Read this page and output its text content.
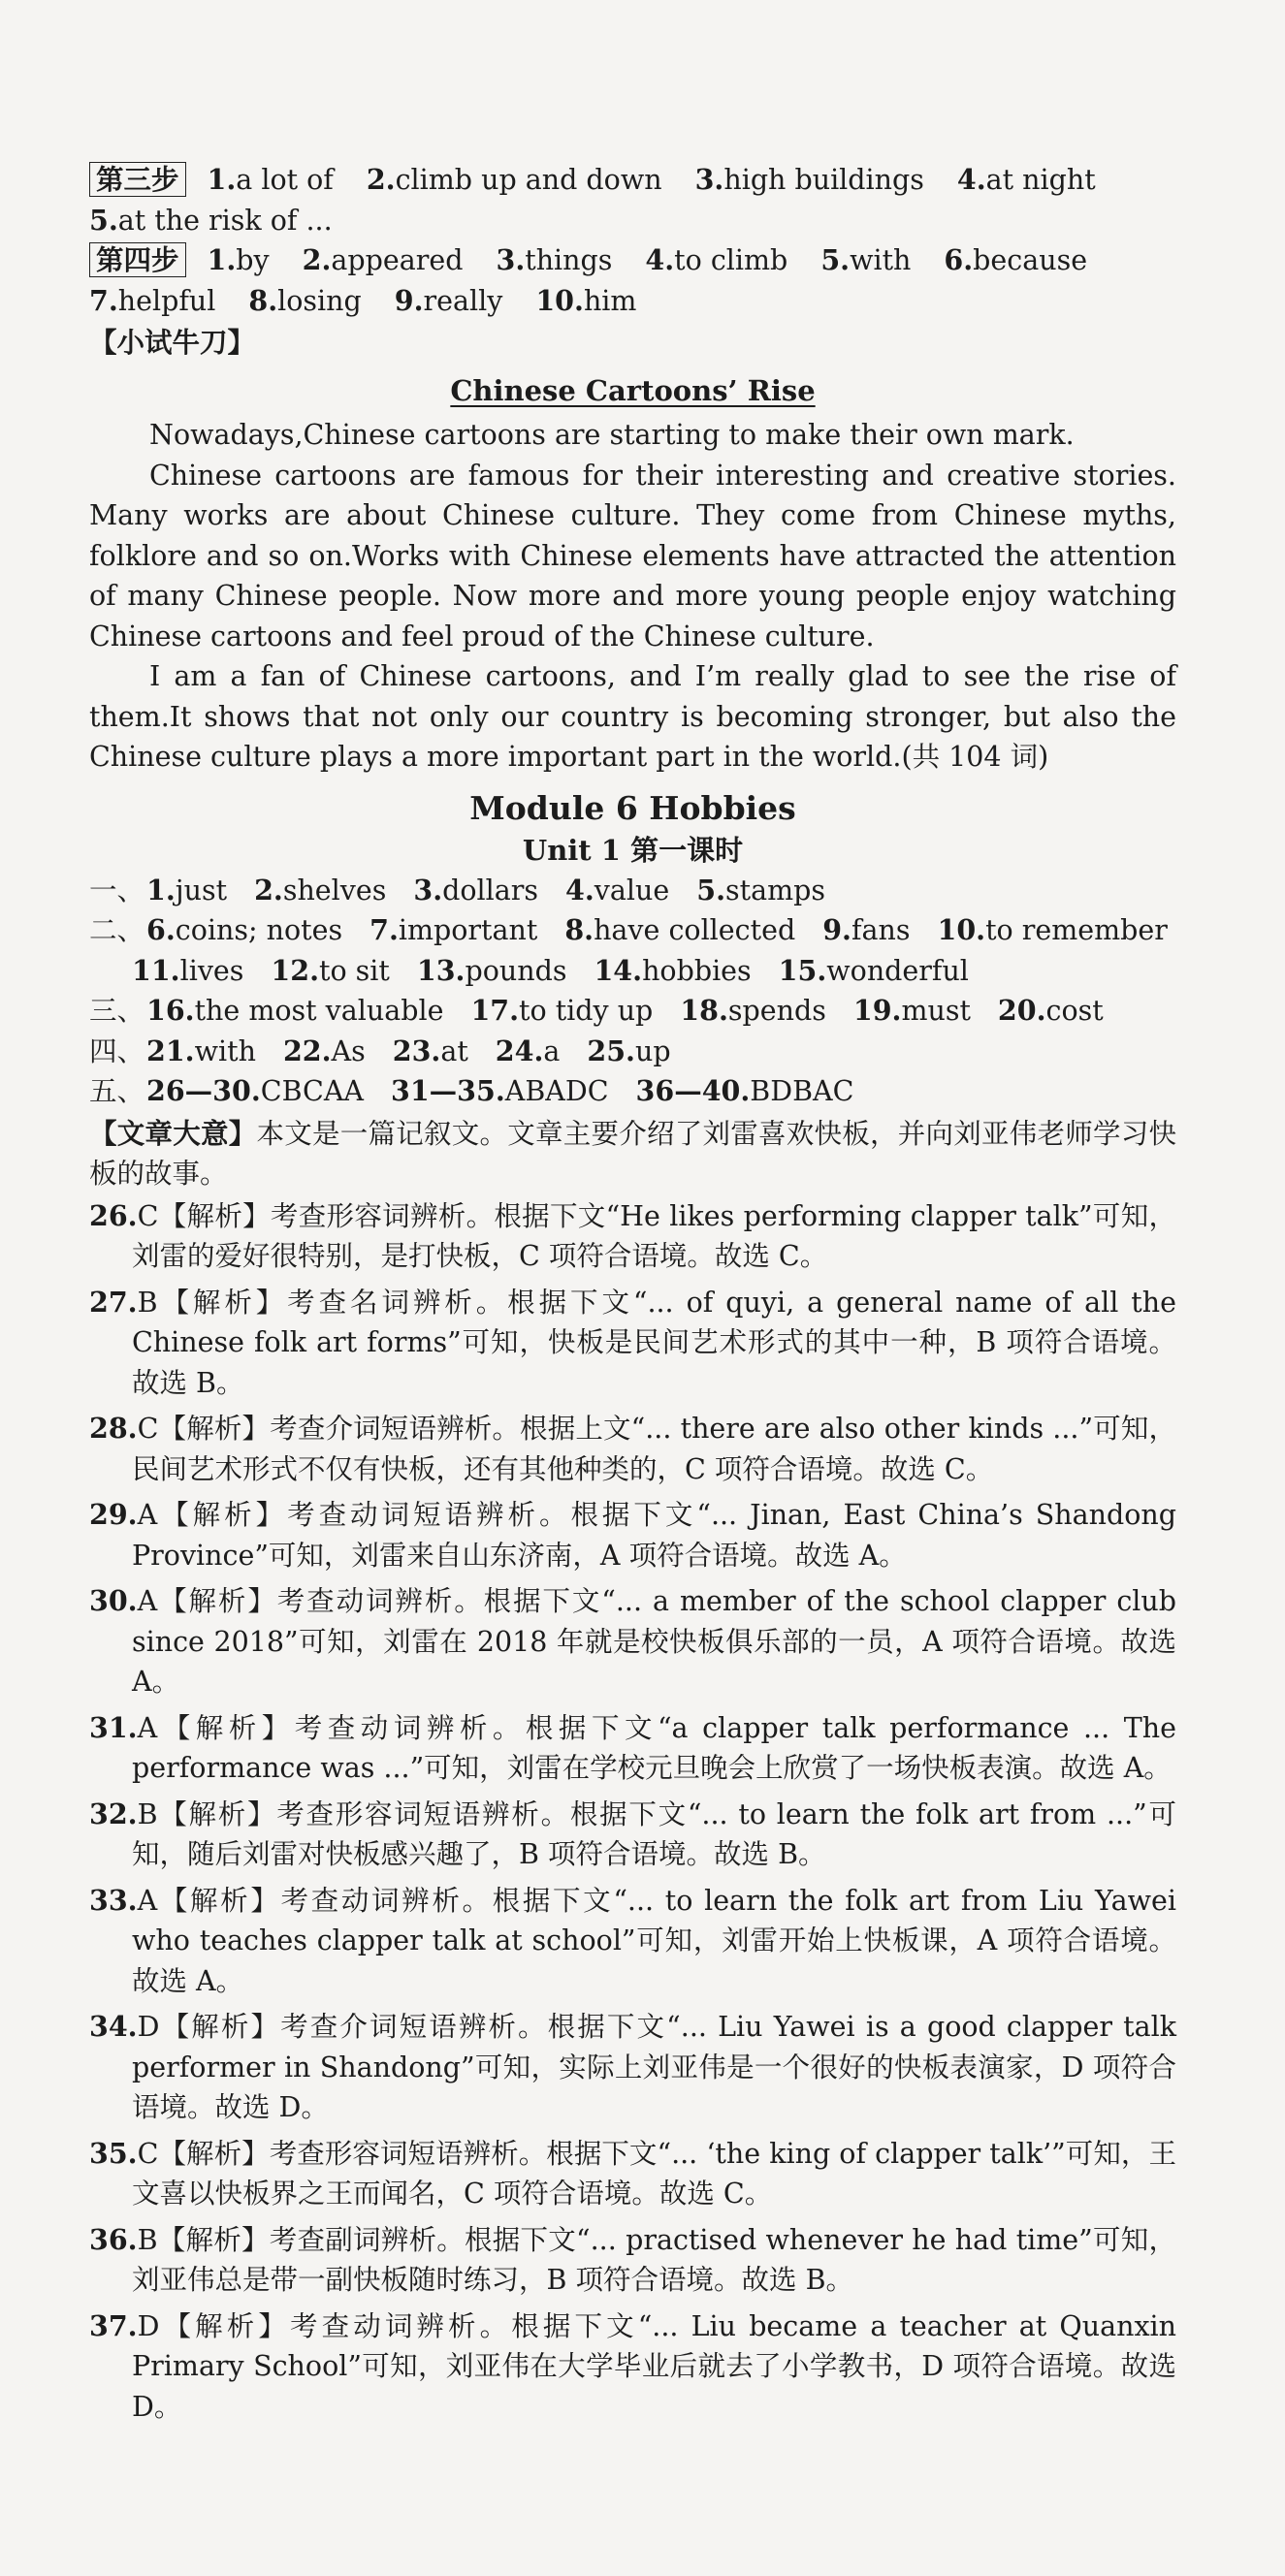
第三步 1.a lot of 2.climb up and down 3.high buildings 4.at night
5.at the risk of ...
第四步 1.by 2.appeared 3.things 4.to climb 5.with 6.because
7.helpful 8.losing 9.really 10.him
【小试牛刀】
Chinese Cartoons’ Rise

Nowadays,Chinese cartoons are starting to make their own mark.

Chinese cartoons are famous for their interesting and creative stories. Many works are about Chinese culture. They come from Chinese myths, folklore and so on.Works with Chinese elements have attracted the attention of many Chinese people. Now more and more young people enjoy watching Chinese cartoons and feel proud of the Chinese culture.

I am a fan of Chinese cartoons, and I’m really glad to see the rise of them.It shows that not only our country is becoming stronger, but also the Chinese culture plays a more important part in the world.(共 104 词)

Module 6 Hobbies
Unit 1 第一课时
一、1.just 2.shelves 3.dollars 4.value 5.stamps
二、6.coins; notes 7.important 8.have collected 9.fans 10.to remember
11.lives 12.to sit 13.pounds 14.hobbies 15.wonderful
三、16.the most valuable 17.to tidy up 18.spends 19.must 20.cost
四、21.with 22.As 23.at 24.a 25.up
五、26—30.CBCAA 31—35.ABADC 36—40.BDBAC
【文章大意】本文是一篇记叙文。文章主要介绍了刘雷喜欢快板，并向刘亚伟老师学习快板的故事。
26.C【解析】考查形容词辨析。根据下文“He likes performing clapper talk”可知，刘雷的爱好很特别，是打快板，C 项符合语境。故选 C。
27.B【解析】考查名词辨析。根据下文“... of quyi, a general name of all the Chinese folk art forms”可知，快板是民间艺术形式的其中一种，B 项符合语境。故选 B。
28.C【解析】考查介词短语辨析。根据上文“... there are also other kinds ...”可知，民间艺术形式不仅有快板，还有其他种类的，C 项符合语境。故选 C。
29.A【解析】考查动词短语辨析。根据下文“... Jinan, East China’s Shandong Province”可知，刘雷来自山东济南，A 项符合语境。故选 A。
30.A【解析】考查动词辨析。根据下文“... a member of the school clapper club since 2018”可知，刘雷在 2018 年就是校快板俱乐部的一员，A 项符合语境。故选 A。
31.A【解析】考查动词辨析。根据下文“a clapper talk performance ... The performance was ...”可知，刘雷在学校元旦晚会上欣赏了一场快板表演。故选 A。
32.B【解析】考查形容词短语辨析。根据下文“... to learn the folk art from ...”可知，随后刘雷对快板感兴趣了，B 项符合语境。故选 B。
33.A【解析】考查动词辨析。根据下文“... to learn the folk art from Liu Yawei who teaches clapper talk at school”可知，刘雷开始上快板课，A 项符合语境。故选 A。
34.D【解析】考查介词短语辨析。根据下文“... Liu Yawei is a good clapper talk performer in Shandong”可知，实际上刘亚伟是一个很好的快板表演家，D 项符合语境。故选 D。
35.C【解析】考查形容词短语辨析。根据下文“... ‘the king of clapper talk’”可知，王文喜以快板界之王而闻名，C 项符合语境。故选 C。
36.B【解析】考查副词辨析。根据下文“... practised whenever he had time”可知，刘亚伟总是带一副快板随时练习，B 项符合语境。故选 B。
37.D【解析】考查动词辨析。根据下文“... Liu became a teacher at Quanxin Primary School”可知，刘亚伟在大学毕业后就去了小学教书，D 项符合语境。故选 D。
